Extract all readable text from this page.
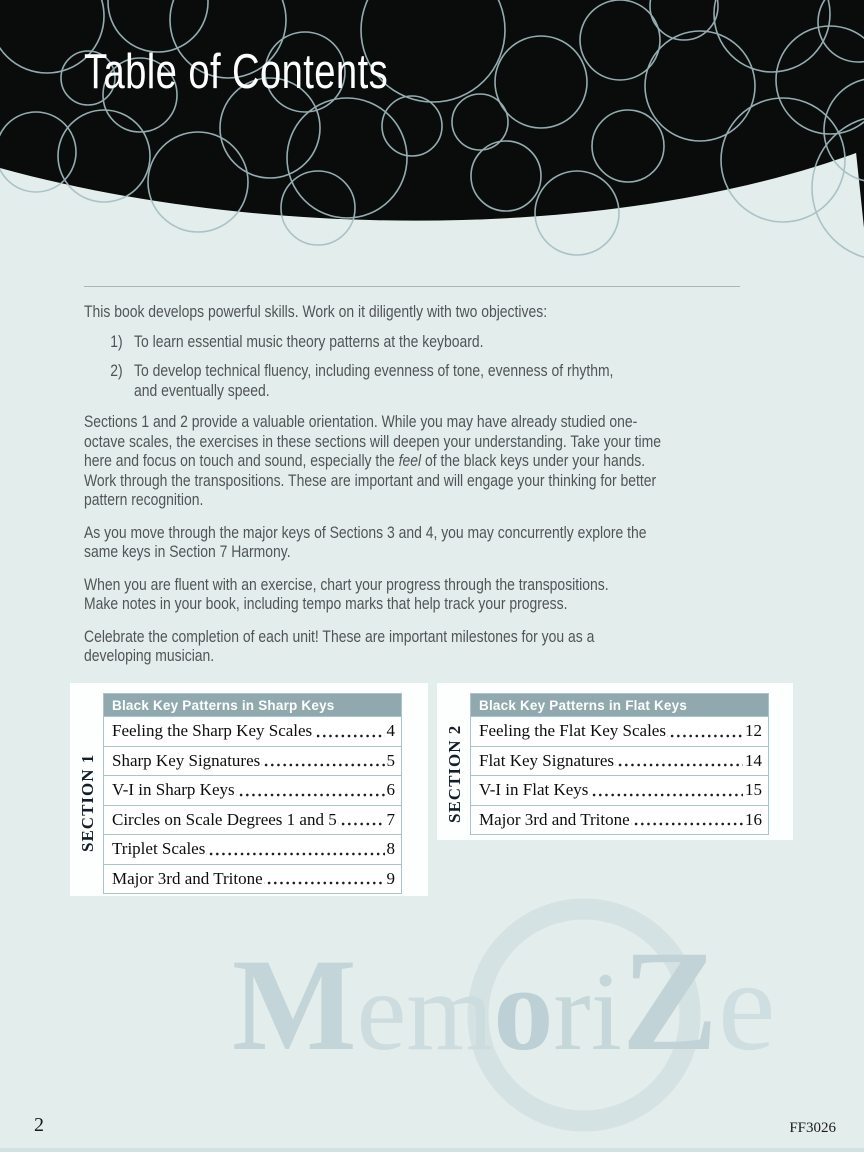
Table of Contents
MemoriZe
This book develops powerful skills. Work on it diligently with two objectives:
1) To learn essential music theory patterns at the keyboard.
2) To develop technical fluency, including evenness of tone, evenness of rhythm,
and eventually speed.
Sections 1 and 2 provide a valuable orientation. While you may have already studied one-
octave scales, the exercises in these sections will deepen your understanding. Take your time
here and focus on touch and sound, especially the feel of the black keys under your hands.
Work through the transpositions. These are important and will engage your thinking for better
pattern recognition.
As you move through the major keys of Sections 3 and 4, you may concurrently explore the
same keys in Section 7 Harmony.
When you are fluent with an exercise, chart your progress through the transpositions.
Make notes in your book, including tempo marks that help track your progress.
Celebrate the completion of each unit! These are important milestones for you as a
developing musician.
SECTION 1
Black Key Patterns in Sharp Keys
Feeling the Sharp Key Scales	4
Sharp Key Signatures	5
V-I in Sharp Keys	6
Circles on Scale Degrees 1 and 5	7
Triplet Scales	8
Major 3rd and Tritone	9
SECTION 2
Black Key Patterns in Flat Keys
Feeling the Flat Key Scales	12
Flat Key Signatures	14
V-I in Flat Keys	15
Major 3rd and Tritone	16
2	FF3026
